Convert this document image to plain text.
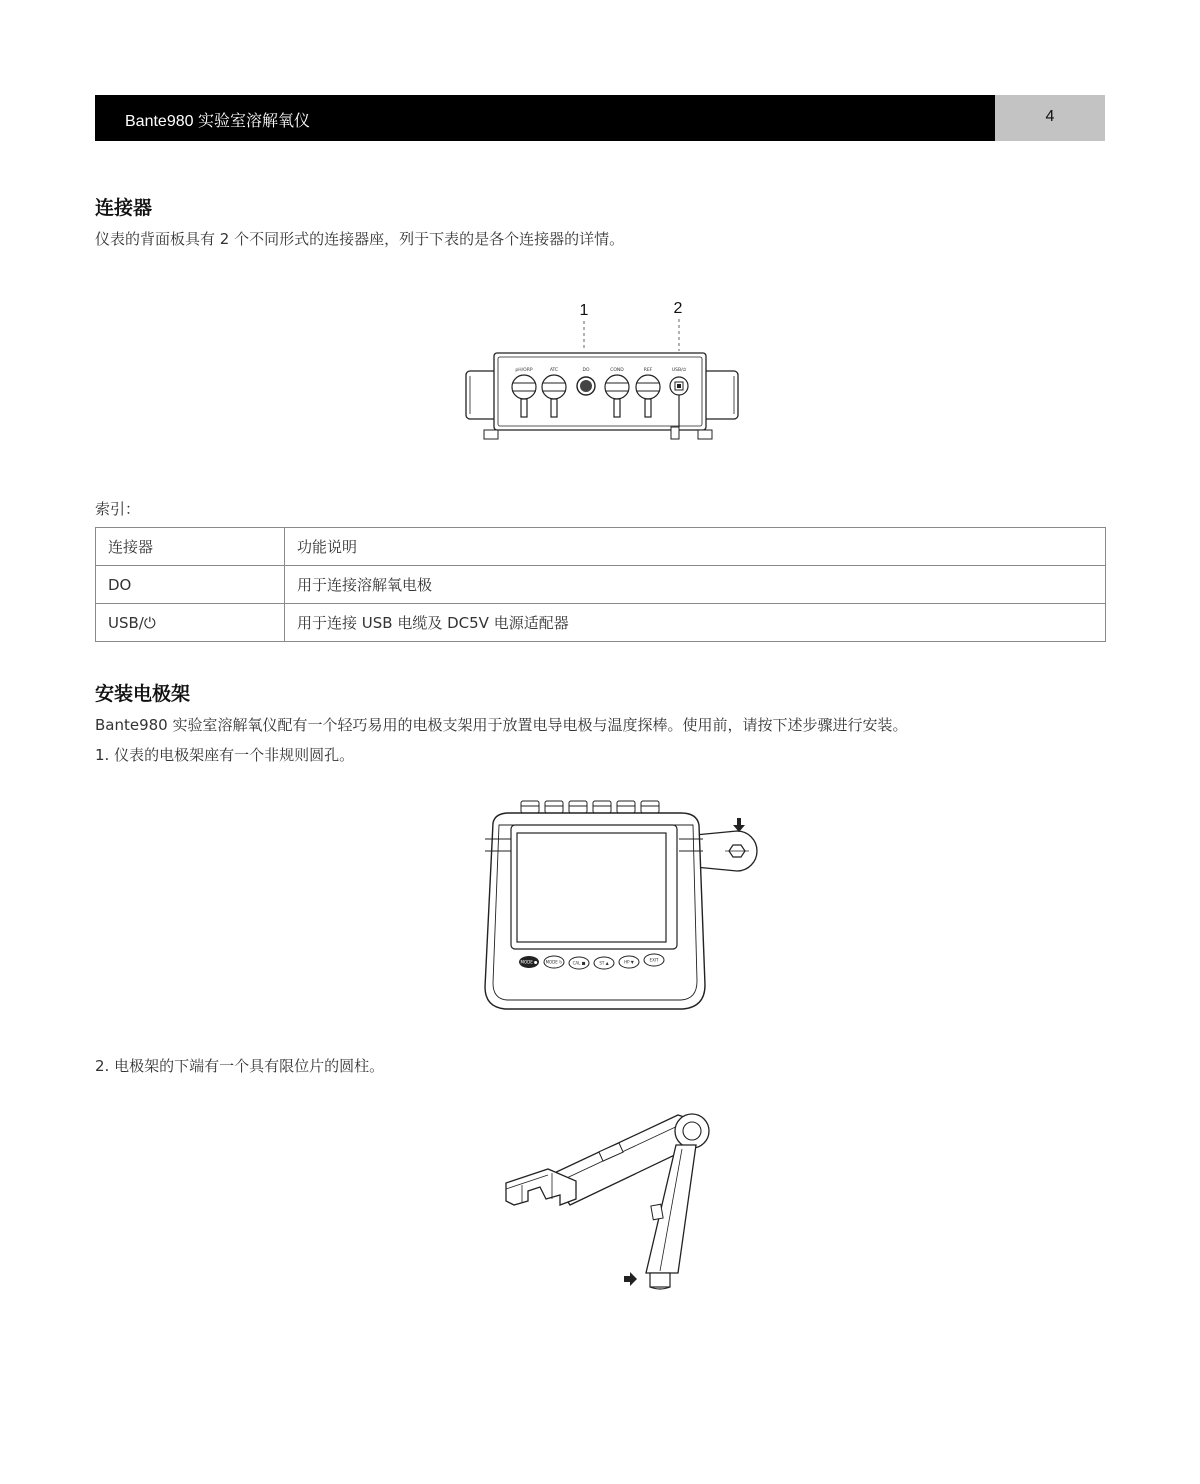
Bante980 实验室溶解氧仪	4
连接器

仪表的背面板具有 2 个不同形式的连接器座，列于下表的是各个连接器的详情。

1	2
pH/ORP	ATC	DO	COND	REF	USB/⏻

索引：

连接器	功能说明
DO	用于连接溶解氧电极
USB/⏻	用于连接 USB 电缆及 DC5V 电源适配器
安装电极架

Bante980 实验室溶解氧仪配有一个轻巧易用的电极支架用于放置电导电极与温度探棒。使用前，请按下述步骤进行安装。

1. 仪表的电极架座有一个非规则圆孔。

MODE ● MODE ↻	CAL ■	ST ▲	HP ▼	EXIT

2. 电极架的下端有一个具有限位片的圆柱。
